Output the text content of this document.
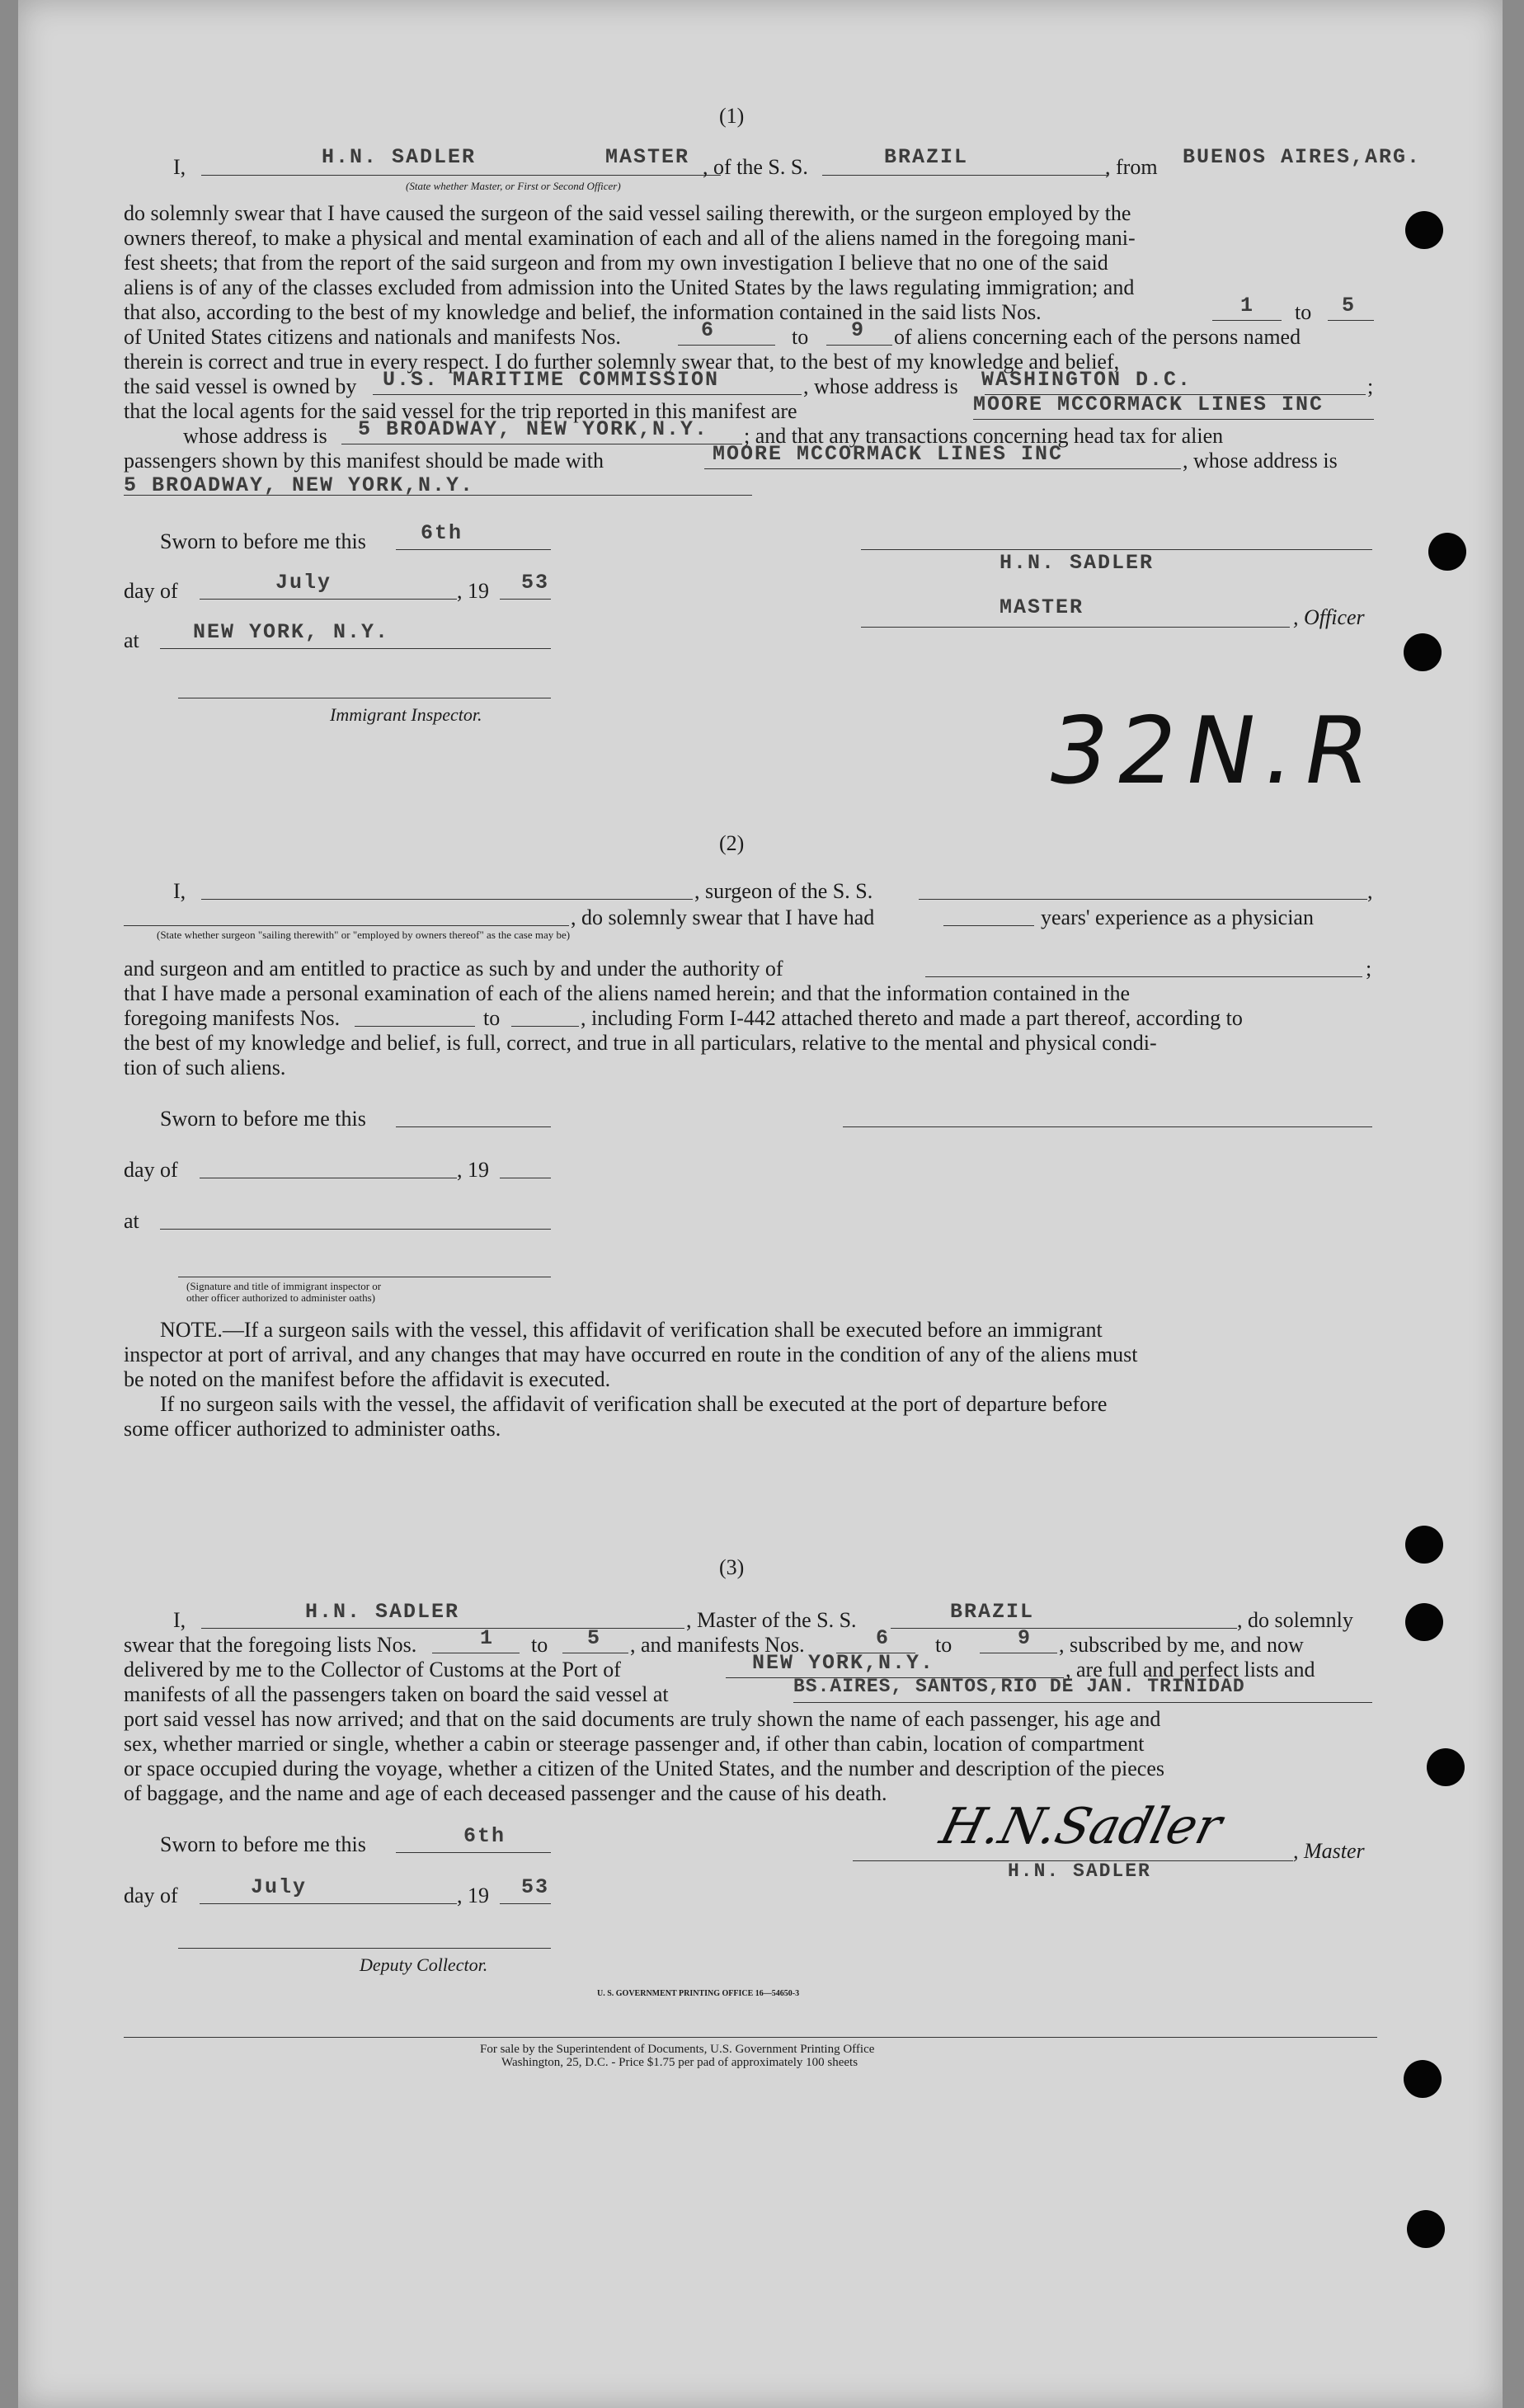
(1)
I,	H.N. SADLER	MASTER , of the S. S.	BRAZIL	, from BUENOS AIRES,ARG.
(State whether Master, or First or Second Officer)
do solemnly swear that I have caused the surgeon of the said vessel sailing therewith, or the surgeon employed by the
owners thereof, to make a physical and mental examination of each and all of the aliens named in the foregoing mani-
fest sheets; that from the report of the said surgeon and from my own investigation I believe that no one of the said
aliens is of any of the classes excluded from admission into the United States by the laws regulating immigration; and
that also, according to the best of my knowledge and belief, the information contained in the said lists Nos.	1 to 5
of United States citizens and nationals and manifests Nos.	6	to 9 of aliens concerning each of the persons named
therein is correct and true in every respect. I do further solemnly swear that, to the best of my knowledge and belief,
the said vessel is owned by U.S. MARITIME COMMISSION	, whose address is WASHINGTON D.C.	;
that the local agents for the said vessel for the trip reported in this manifest are	MOORE MCCORMACK LINES INC
whose address is 5 BROADWAY, NEW YORK,N.Y. ; and that any transactions concerning head tax for alien
passengers shown by this manifest should be made with	MOORE MCCORMACK LINES INC	, whose address is
5 BROADWAY, NEW YORK,N.Y.
Sworn to before me this	6th
H.N. SADLER
day of	July	, 19 53
MASTER	, Officer
at	NEW YORK, N.Y.
Immigrant Inspector.	32N.R
(2)
I,	, surgeon of the S. S.	,
, do solemnly swear that I have had	years' experience as a physician
(State whether surgeon "sailing therewith" or "employed by owners thereof" as the case may be)
and surgeon and am entitled to practice as such by and under the authority of	;
that I have made a personal examination of each of the aliens named herein; and that the information contained in the
foregoing manifests Nos.	to	, including Form I-442 attached thereto and made a part thereof, according to
the best of my knowledge and belief, is full, correct, and true in all particulars, relative to the mental and physical condi-
tion of such aliens.
Sworn to before me this
day of	, 19
at
(Signature and title of immigrant inspector or
other officer authorized to administer oaths)
NOTE.—If a surgeon sails with the vessel, this affidavit of verification shall be executed before an immigrant
inspector at port of arrival, and any changes that may have occurred en route in the condition of any of the aliens must
be noted on the manifest before the affidavit is executed.
If no surgeon sails with the vessel, the affidavit of verification shall be executed at the port of departure before
some officer authorized to administer oaths.
(3)
I,	H.N. SADLER	, Master of the S. S.	BRAZIL	, do solemnly
swear that the foregoing lists Nos.	1 to 5 , and manifests Nos.	6 to	9 , subscribed by me, and now
delivered by me to the Collector of Customs at the Port of	NEW YORK,N.Y.	, are full and perfect lists and
manifests of all the passengers taken on board the said vessel at	BS.AIRES, SANTOS,RIO DE JAN. TRINIDAD
port said vessel has now arrived; and that on the said documents are truly shown the name of each passenger, his age and
sex, whether married or single, whether a cabin or steerage passenger and, if other than cabin, location of compartment
or space occupied during the voyage, whether a citizen of the United States, and the number and description of the pieces
of baggage, and the name and age of each deceased passenger and the cause of his death.
Sworn to before me this	6th	H.N.Sadler	, Master
H.N. SADLER
day of	July	, 19 53
Deputy Collector.
U. S. GOVERNMENT PRINTING OFFICE 16—54650-3
For sale by the Superintendent of Documents, U.S. Government Printing Office
Washington, 25, D.C. - Price $1.75 per pad of approximately 100 sheets
